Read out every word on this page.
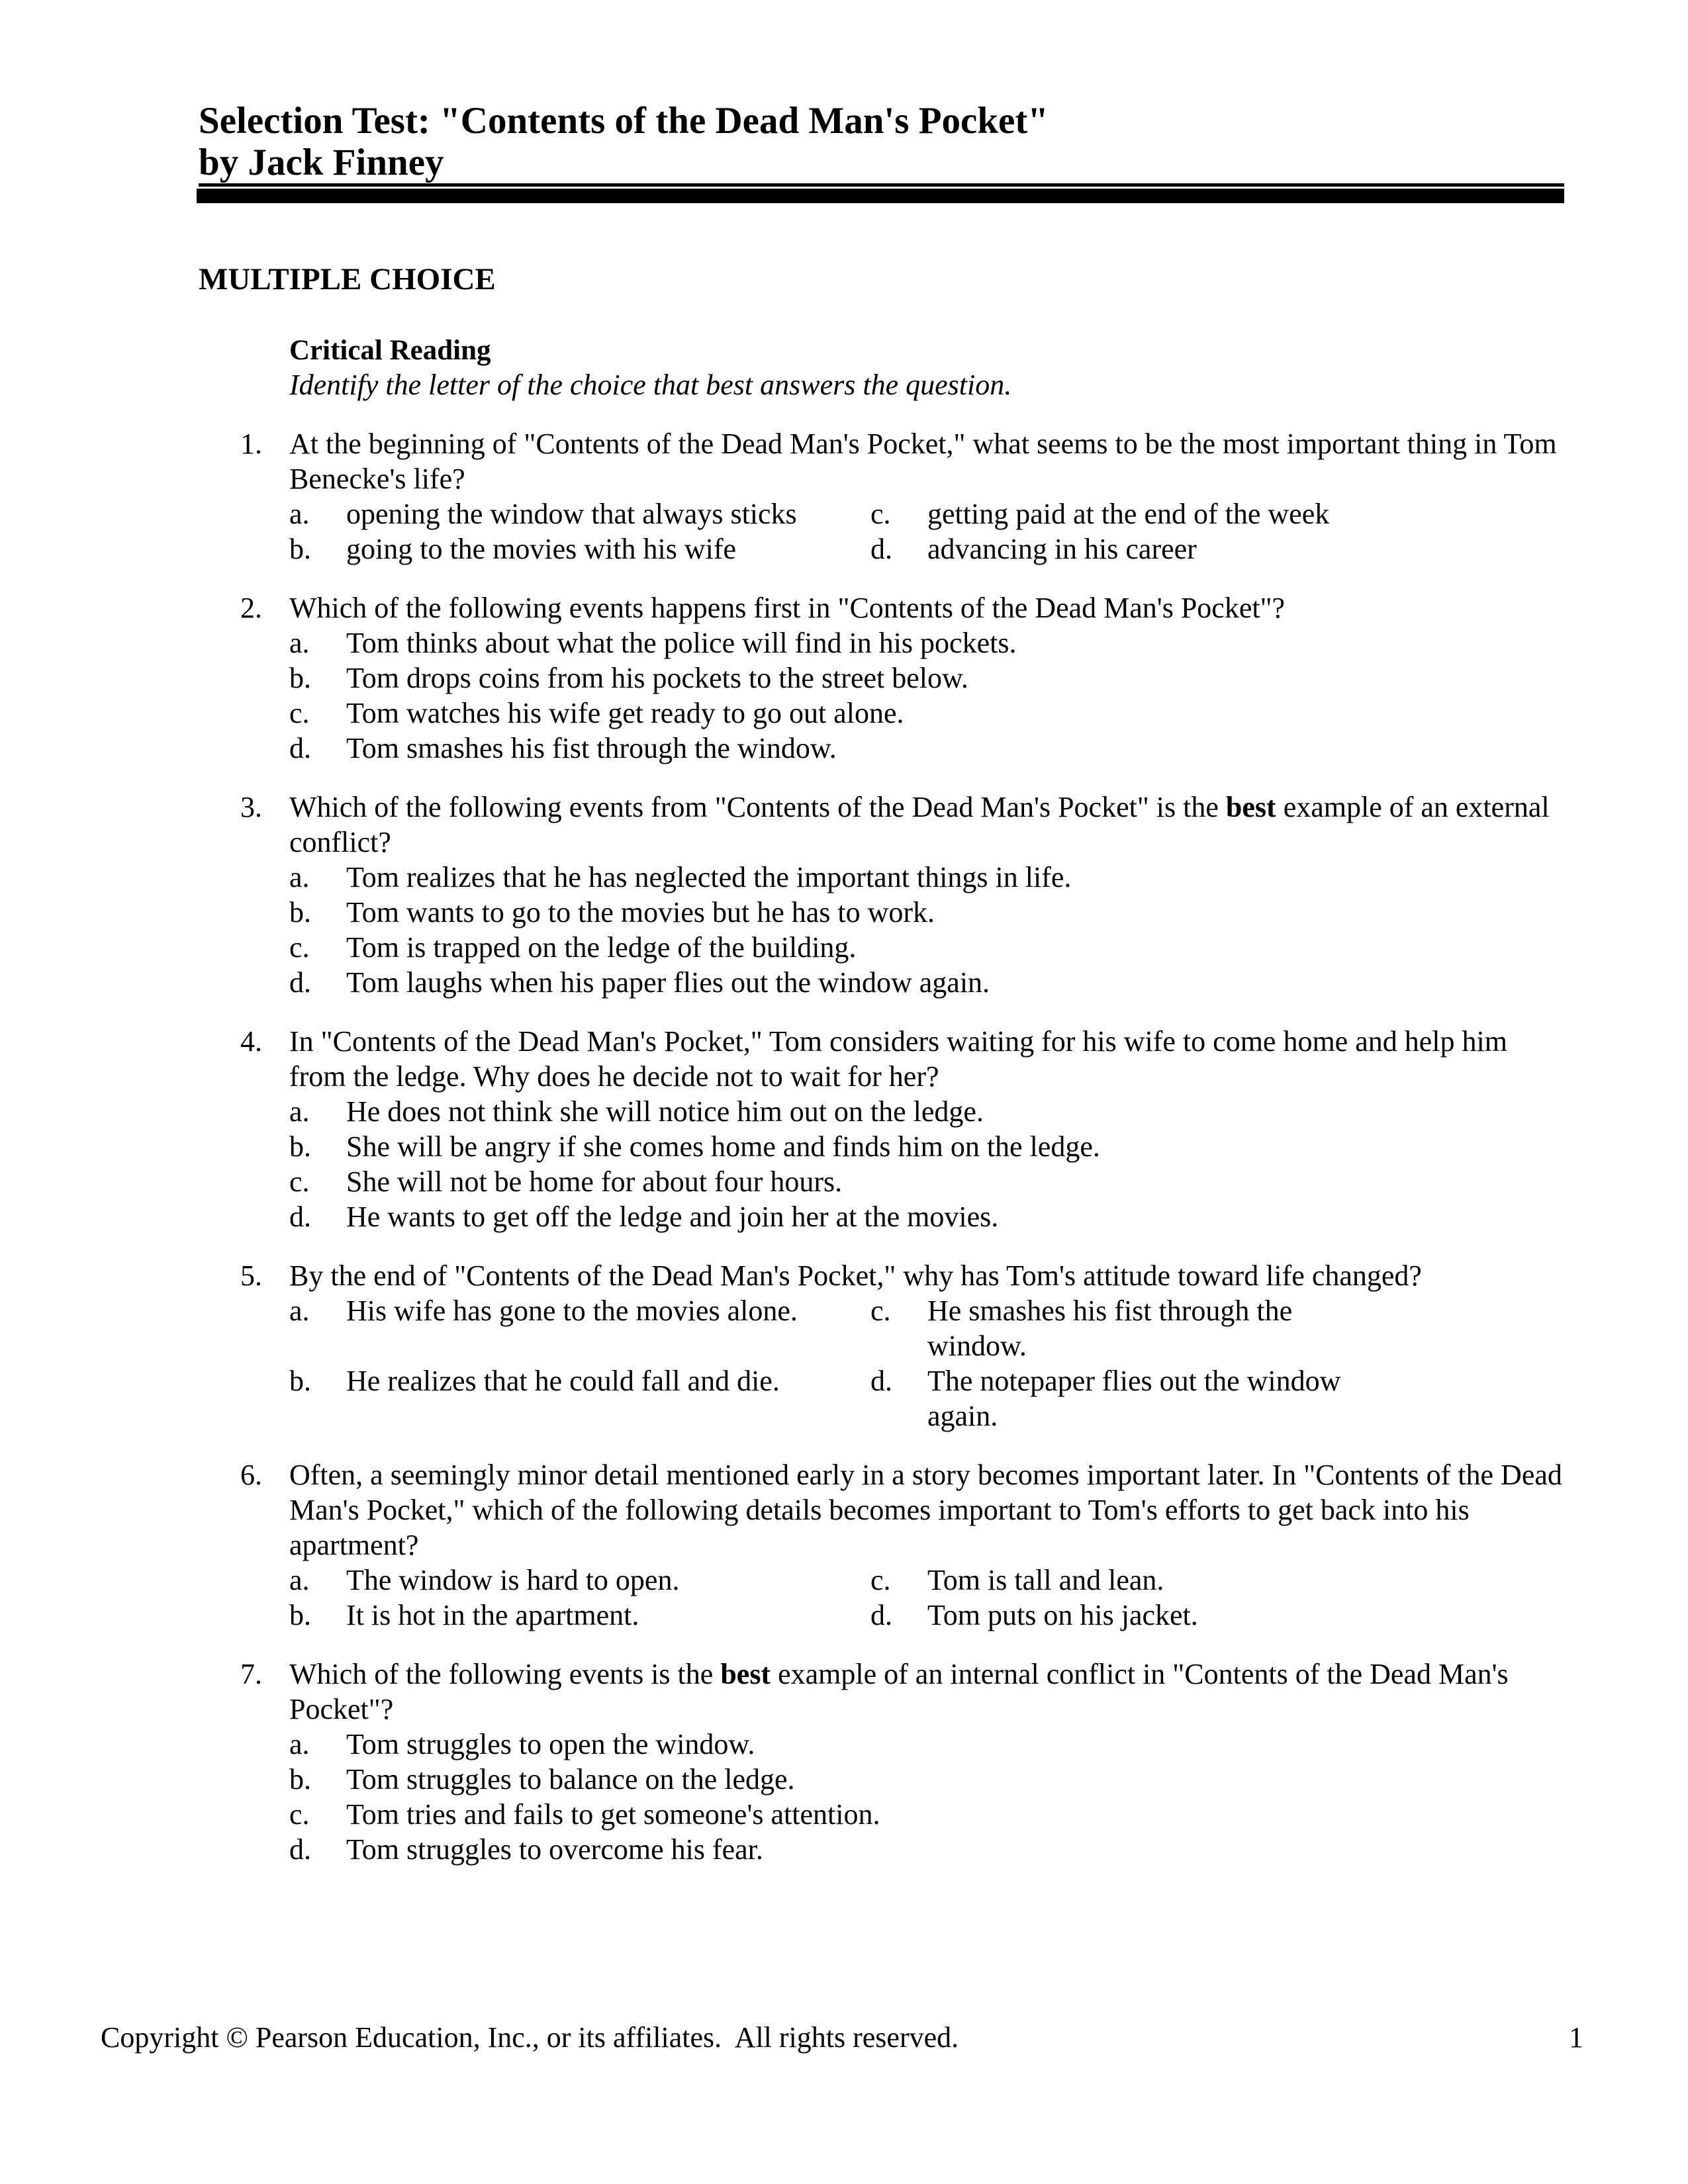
Selection Test: "Contents of the Dead Man's Pocket"
by Jack Finney
MULTIPLE CHOICE
Critical Reading
Identify the letter of the choice that best answers the question.
1. At the beginning of "Contents of the Dead Man's Pocket," what seems to be the most important thing in Tom Benecke's life?
a.	opening the window that always sticks
b.	going to the movies with his wife
c.	getting paid at the end of the week
d.	advancing in his career
2. Which of the following events happens first in "Contents of the Dead Man's Pocket"?
a.	Tom thinks about what the police will find in his pockets.
b.	Tom drops coins from his pockets to the street below.
c.	Tom watches his wife get ready to go out alone.
d.	Tom smashes his fist through the window.
3. Which of the following events from "Contents of the Dead Man's Pocket" is the best example of an external conflict?
a.	Tom realizes that he has neglected the important things in life.
b.	Tom wants to go to the movies but he has to work.
c.	Tom is trapped on the ledge of the building.
d.	Tom laughs when his paper flies out the window again.
4. In "Contents of the Dead Man's Pocket," Tom considers waiting for his wife to come home and help him from the ledge. Why does he decide not to wait for her?
a.	He does not think she will notice him out on the ledge.
b.	She will be angry if she comes home and finds him on the ledge.
c.	She will not be home for about four hours.
d.	He wants to get off the ledge and join her at the movies.
5. By the end of "Contents of the Dead Man's Pocket," why has Tom's attitude toward life changed?
a.	His wife has gone to the movies alone.
b.	He realizes that he could fall and die.
c.	He smashes his fist through the window.
d.	The notepaper flies out the window again.
6. Often, a seemingly minor detail mentioned early in a story becomes important later. In "Contents of the Dead Man's Pocket," which of the following details becomes important to Tom's efforts to get back into his apartment?
a.	The window is hard to open.
b.	It is hot in the apartment.
c.	Tom is tall and lean.
d.	Tom puts on his jacket.
7. Which of the following events is the best example of an internal conflict in "Contents of the Dead Man's Pocket"?
a.	Tom struggles to open the window.
b.	Tom struggles to balance on the ledge.
c.	Tom tries and fails to get someone's attention.
d.	Tom struggles to overcome his fear.
Copyright © Pearson Education, Inc., or its affiliates.  All rights reserved.	1
